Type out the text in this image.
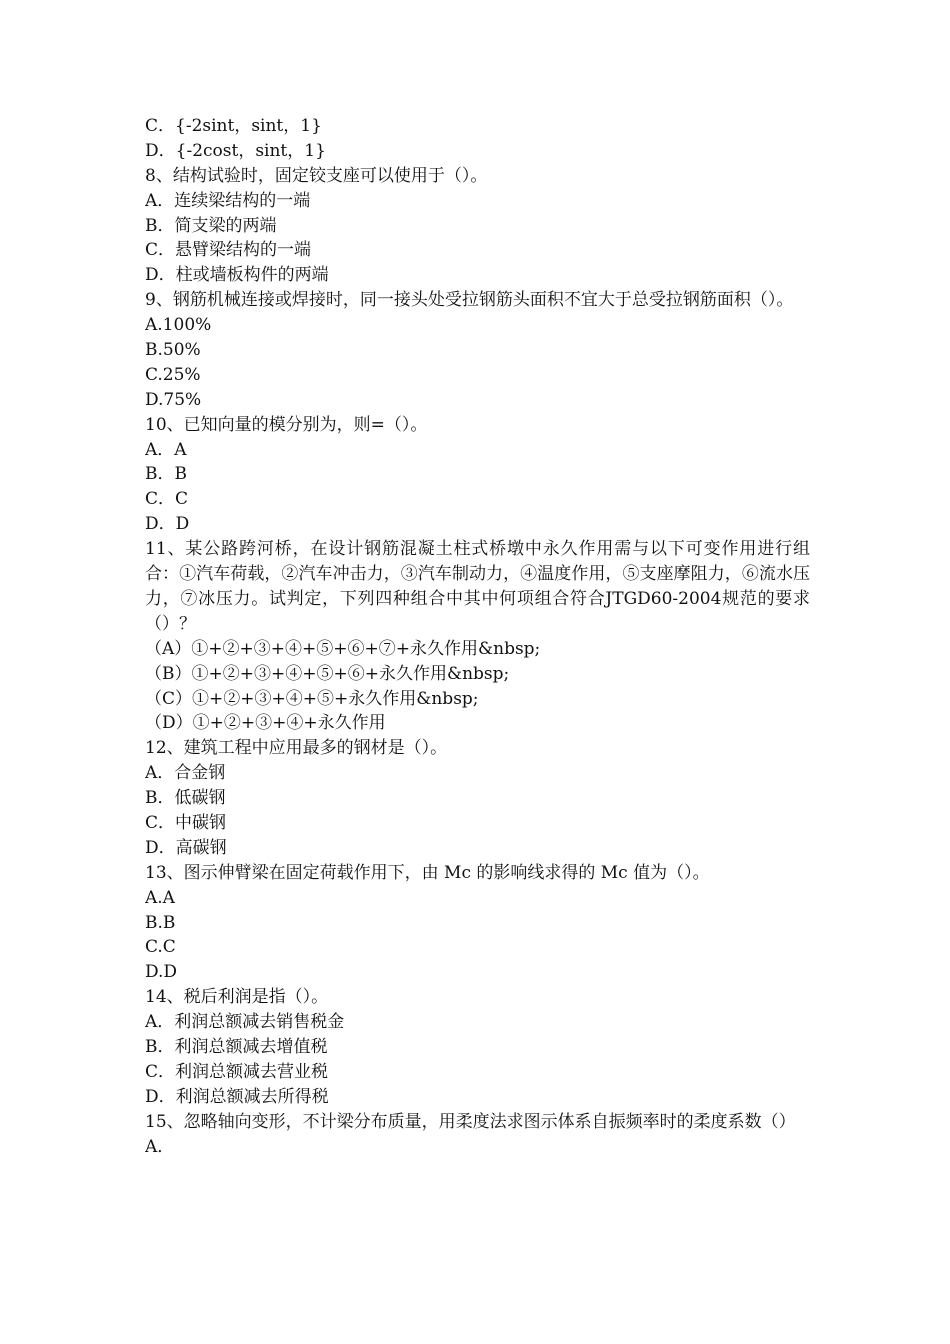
C．{-2sint，sint，1}
D．{-2cost，sint，1}
8、结构试验时，固定铰支座可以使用于（）。
A．连续梁结构的一端
B．简支梁的两端
C．悬臂梁结构的一端
D．柱或墙板构件的两端
9、钢筋机械连接或焊接时，同一接头处受拉钢筋头面积不宜大于总受拉钢筋面积（）。
A.100%
B.50%
C.25%
D.75%
10、已知向量的模分别为，则=（）。
A．A
B．B
C．C
D．D
11、某公路跨河桥，在设计钢筋混凝土柱式桥墩中永久作用需与以下可变作用进行组合：①汽车荷载，②汽车冲击力，③汽车制动力，④温度作用，⑤支座摩阻力，⑥流水压力，⑦冰压力。试判定，下列四种组合中其中何项组合符合JTGD60-2004规范的要求（）？
（A）①+②+③+④+⑤+⑥+⑦+永久作用&nbsp;
（B）①+②+③+④+⑤+⑥+永久作用&nbsp;
（C）①+②+③+④+⑤+永久作用&nbsp;
（D）①+②+③+④+永久作用
12、建筑工程中应用最多的钢材是（）。
A．合金钢
B．低碳钢
C．中碳钢
D．高碳钢
13、图示伸臂梁在固定荷载作用下，由 Mc 的影响线求得的 Mc 值为（）。
A.A
B.B
C.C
D.D
14、税后利润是指（）。
A．利润总额减去销售税金
B．利润总额减去增值税
C．利润总额减去营业税
D．利润总额减去所得税
15、忽略轴向变形，不计梁分布质量，用柔度法求图示体系自振频率时的柔度系数（）
A．
